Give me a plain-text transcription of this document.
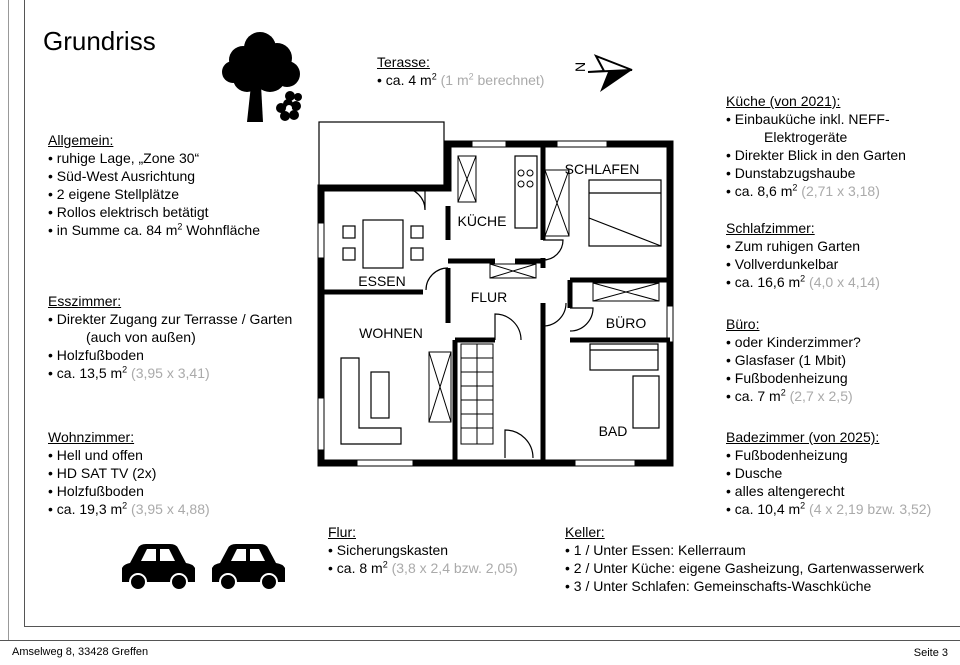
Grundriss
Terasse:
• ca. 4 $m^2$ (1 $m^2$ berechnet)
N
Allgemein:
• ruhige Lage, „Zone 30“
• Süd-West Ausrichtung
• 2 eigene Stellplätze
• Rollos elektrisch betätigt
• in Summe ca. 84 $m^2$ Wohnfläche
Esszimmer:
• Direkter Zugang zur Terrasse / Garten
(auch von außen)
• Holzfußboden
• ca. 13,5 $m^2$ (3,95 x 3,41)
Wohnzimmer:
• Hell und offen
• HD SAT TV (2x)
• Holzfußboden
• ca. 19,3 $m^2$ (3,95 x 4,88)
Küche (von 2021):
• Einbauküche inkl. NEFF-
Elektrogeräte
• Direkter Blick in den Garten
• Dunstabzugshaube
• ca. 8,6 $m^2$ (2,71 x 3,18)
Schlafzimmer:
• Zum ruhigen Garten
• Vollverdunkelbar
• ca. 16,6 $m^2$ (4,0 x 4,14)
Büro:
• oder Kinderzimmer?
• Glasfaser (1 Mbit)
• Fußbodenheizung
• ca. 7 $m^2$ (2,7 x 2,5)
Badezimmer (von 2025):
• Fußbodenheizung
• Dusche
• alles altengerecht
• ca. 10,4 $m^2$ (4 x 2,19 bzw. 3,52)
Flur:
• Sicherungskasten
• ca. 8 $m^2$ (3,8 x 2,4 bzw. 2,05)
Keller:
• 1 / Unter Essen: Kellerraum
• 2 / Unter Küche: eigene Gasheizung, Gartenwasserwerk
• 3 / Unter Schlafen: Gemeinschafts-Waschküche
ESSEN
KÜCHE
SCHLAFEN
FLUR
BÜRO
WOHNEN
BAD
Amselweg 8, 33428 Greffen	Seite 3
